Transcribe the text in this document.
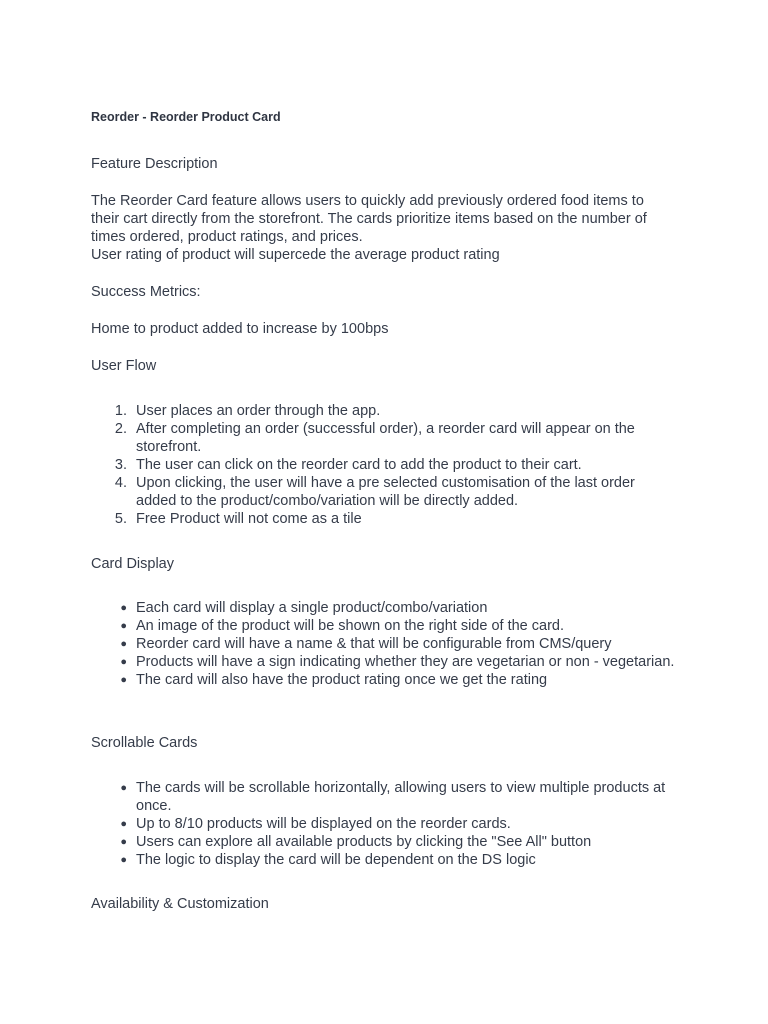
Reorder - Reorder Product Card
Feature Description
The Reorder Card feature allows users to quickly add previously ordered food items to
their cart directly from the storefront. The cards prioritize items based on the number of
times ordered, product ratings, and prices.
User rating of product will supercede the average product rating
Success Metrics:
Home to product added to increase by 100bps
User Flow
1. User places an order through the app.
2. After completing an order (successful order), a reorder card will appear on the storefront.
3. The user can click on the reorder card to add the product to their cart.
4. Upon clicking, the user will have a pre selected customisation of the last order added to the product/combo/variation will be directly added.
5. Free Product will not come as a tile
Card Display
● Each card will display a single product/combo/variation
● An image of the product will be shown on the right side of the card.
● Reorder card will have a name & that will be configurable from CMS/query
● Products will have a sign indicating whether they are vegetarian or non - vegetarian.
● The card will also have the product rating once we get the rating
Scrollable Cards
● The cards will be scrollable horizontally, allowing users to view multiple products at once.
● Up to 8/10 products will be displayed on the reorder cards.
● Users can explore all available products by clicking the "See All" button
● The logic to display the card will be dependent on the DS logic
Availability & Customization
